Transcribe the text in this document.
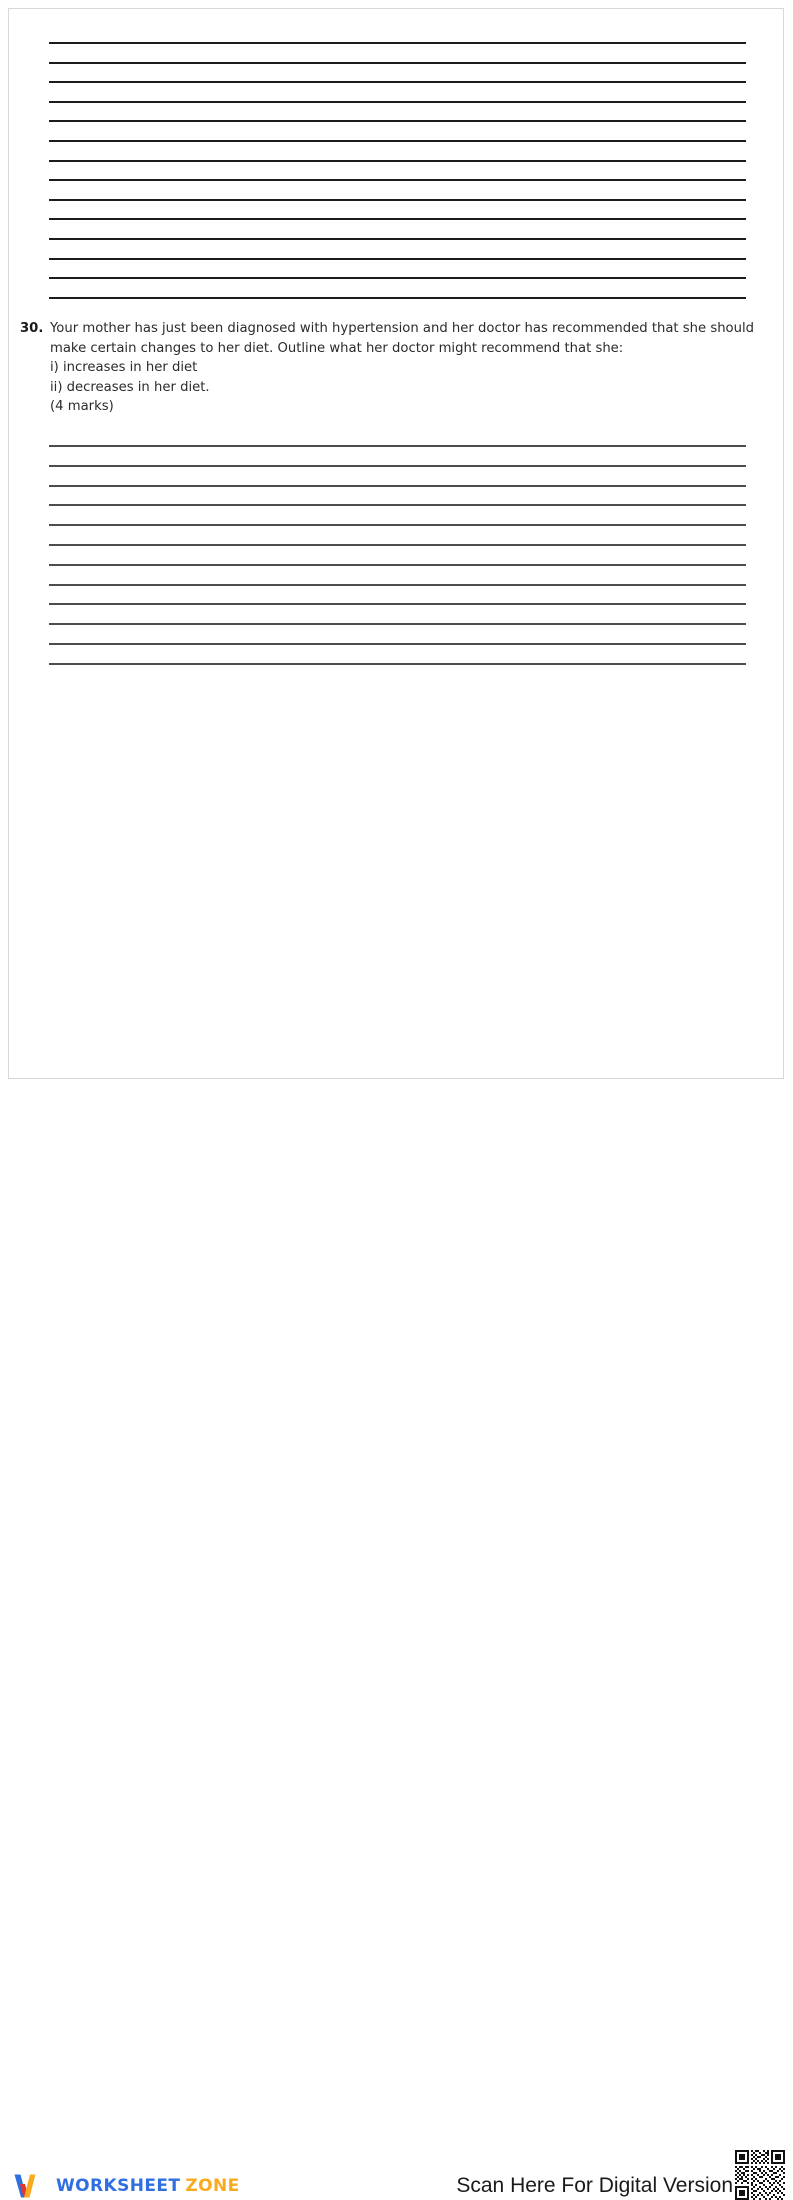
30. Your mother has just been diagnosed with hypertension and her doctor has recommended that she should
make certain changes to her diet. Outline what her doctor might recommend that she:
i) increases in her diet
ii) decreases in her diet.
(4 marks)
WORKSHEET ZONE	Scan Here For Digital Version
